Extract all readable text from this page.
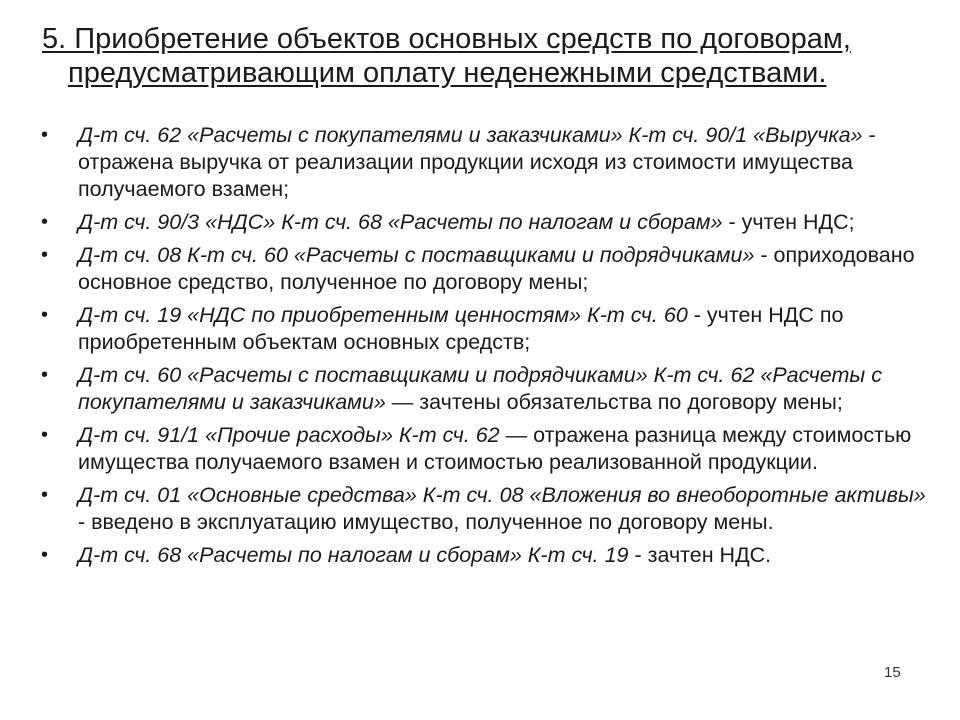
5. Приобретение объектов основных средств по договорам,
предусматривающим оплату неденежными средствами.
• Д-т сч. 62 «Расчеты с покупателями и заказчиками» К-т сч. 90/1 «Выручка» - отражена выручка от реализации продукции исходя из стоимости имущества получаемого взамен;
• Д-т сч. 90/3 «НДС» К-т сч. 68 «Расчеты по налогам и сборам» - учтен НДС;
• Д-т сч. 08 К-т сч. 60 «Расчеты с поставщиками и подрядчиками» - оприходовано основное средство, полученное по договору мены;
• Д-т сч. 19 «НДС по приобретенным ценностям» К-т сч. 60 - учтен НДС по приобретенным объектам основных средств;
• Д-т сч. 60 «Расчеты с поставщиками и подрядчиками» К-т сч. 62 «Расчеты с покупателями и заказчиками» — зачтены обязательства по договору мены;
• Д-т сч. 91/1 «Прочие расходы» К-т сч. 62 — отражена разница между стоимостью имущества получаемого взамен и стоимостью реализованной продукции.
• Д-т сч. 01 «Основные средства» К-т сч. 08 «Вложения во внеоборотные активы» - введено в эксплуатацию имущество, полученное по договору мены.
• Д-т сч. 68 «Расчеты по налогам и сборам» К-т сч. 19 - зачтен НДС.
15
